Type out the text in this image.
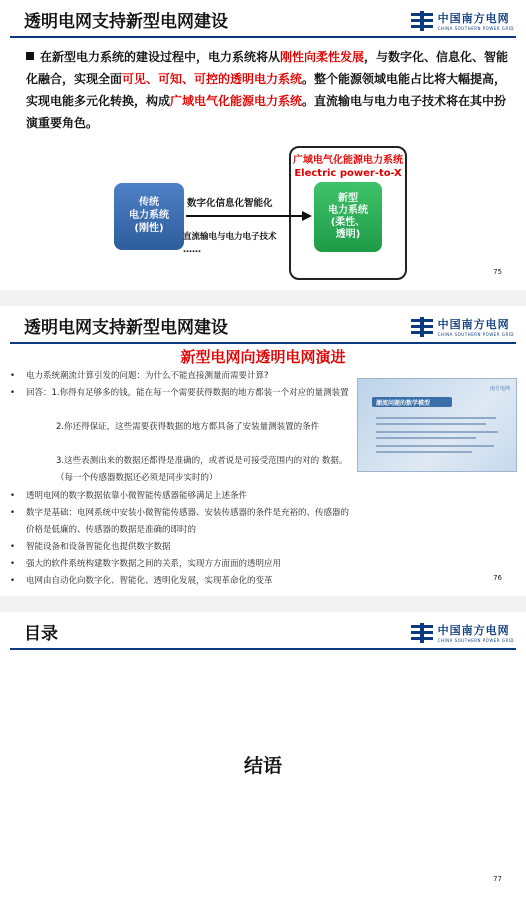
透明电网支持新型电网建设	中国南方电网
CHINA SOUTHERN POWER GRID
在新型电力系统的建设过程中，电力系统将从刚性向柔性发展，与数字化、信息化、智能化融合，实现全面可见、可知、可控的透明电力系统。整个能源领域电能占比将大幅提高，实现电能多元化转换，构成广域电气化能源电力系统。直流输电与电力电子技术将在其中扮演重要角色。
广域电气化能源电力系统
Electric power-to-X
传统
电力系统
(刚性)
数字化信息化智能化
直流输电与电力电子技术
……
新型
电力系统
(柔性、
透明)
75
透明电网支持新型电网建设	中国南方电网
CHINA SOUTHERN POWER GRID
新型电网向透明电网演进
•	电力系统潮流计算引发的问题：为什么不能直接测量而需要计算?
•	回答：1.你得有足够多的钱，能在每一个需要获得数据的地方都装一个对应的量测装置
2.你还得保证，这些需要获得数据的地方都具备了安装量测装置的条件
3.这些表测出来的数据还都得是准确的，或者说是可接受范围内的对的 数据。（每一个传感器数据还必须是同步实时的）
•	透明电网的数字数据依靠小微智能传感器能够满足上述条件
•	数字是基础：电网系统中安装小微智能传感器、安装传感器的条件是充裕的、传感器的价格是低廉的、传感器的数据是准确的即时的
•	智能设备和设备智能化也提供数字数据
•	强大的软件系统构建数字数据之间的关系，实现方方面面的透明应用
•	电网由自动化向数字化、智能化、透明化发展，实现革命化的变革
南方电网
潮流问题的数学模型
76
目录	中国南方电网
CHINA SOUTHERN POWER GRID
结语
77
